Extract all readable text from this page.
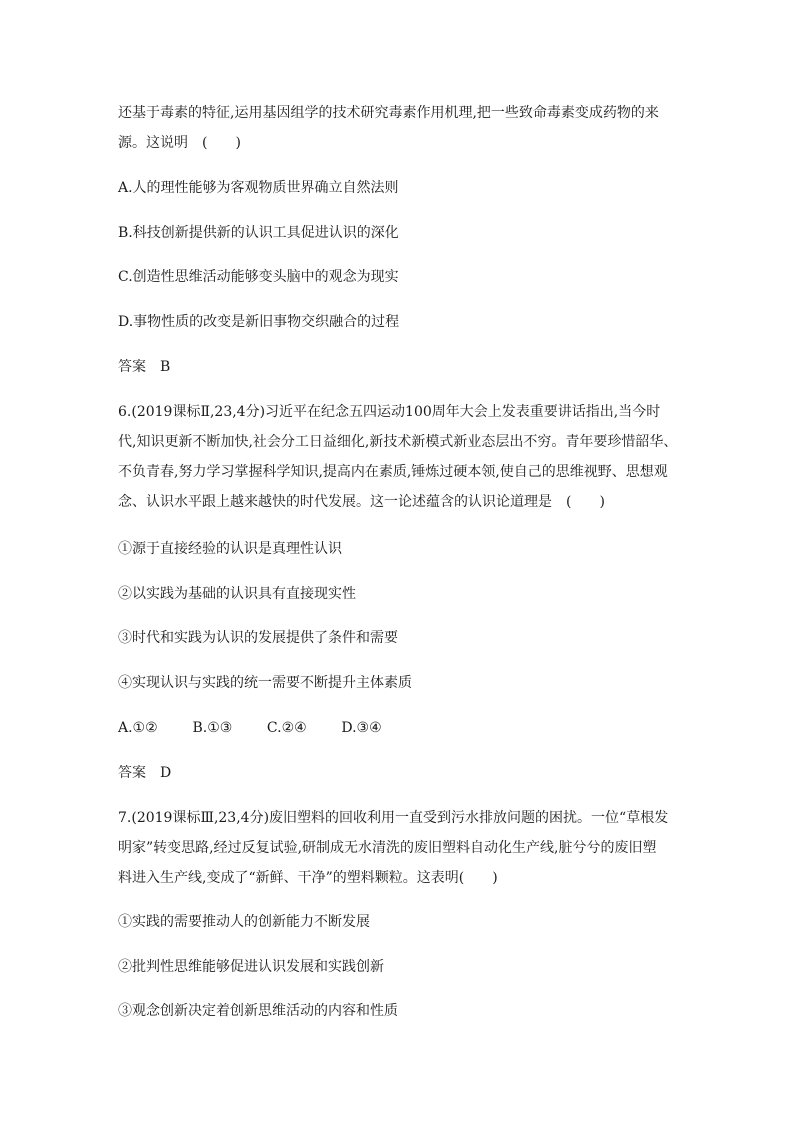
还基于毒素的特征,运用基因组学的技术研究毒素作用机理,把一些致命毒素变成药物的来
源。这说明　(　　)
A.人的理性能够为客观物质世界确立自然法则
B.科技创新提供新的认识工具促进认识的深化
C.创造性思维活动能够变头脑中的观念为现实
D.事物性质的改变是新旧事物交织融合的过程
答案　B
6.(2019课标Ⅱ,23,4分)习近平在纪念五四运动100周年大会上发表重要讲话指出,当今时
代,知识更新不断加快,社会分工日益细化,新技术新模式新业态层出不穷。青年要珍惜韶华、
不负青春,努力学习掌握科学知识,提高内在素质,锤炼过硬本领,使自己的思维视野、思想观
念、认识水平跟上越来越快的时代发展。这一论述蕴含的认识论道理是　(　　)
①源于直接经验的认识是真理性认识
②以实践为基础的认识具有直接现实性
③时代和实践为认识的发展提供了条件和需要
④实现认识与实践的统一需要不断提升主体素质
A.①② B.①③ C.②④ D.③④
答案　D
7.(2019课标Ⅲ,23,4分)废旧塑料的回收利用一直受到污水排放问题的困扰。一位“草根发
明家”转变思路,经过反复试验,研制成无水清洗的废旧塑料自动化生产线,脏兮兮的废旧塑
料进入生产线,变成了“新鲜、干净”的塑料颗粒。这表明(　　)
①实践的需要推动人的创新能力不断发展
②批判性思维能够促进认识发展和实践创新
③观念创新决定着创新思维活动的内容和性质
